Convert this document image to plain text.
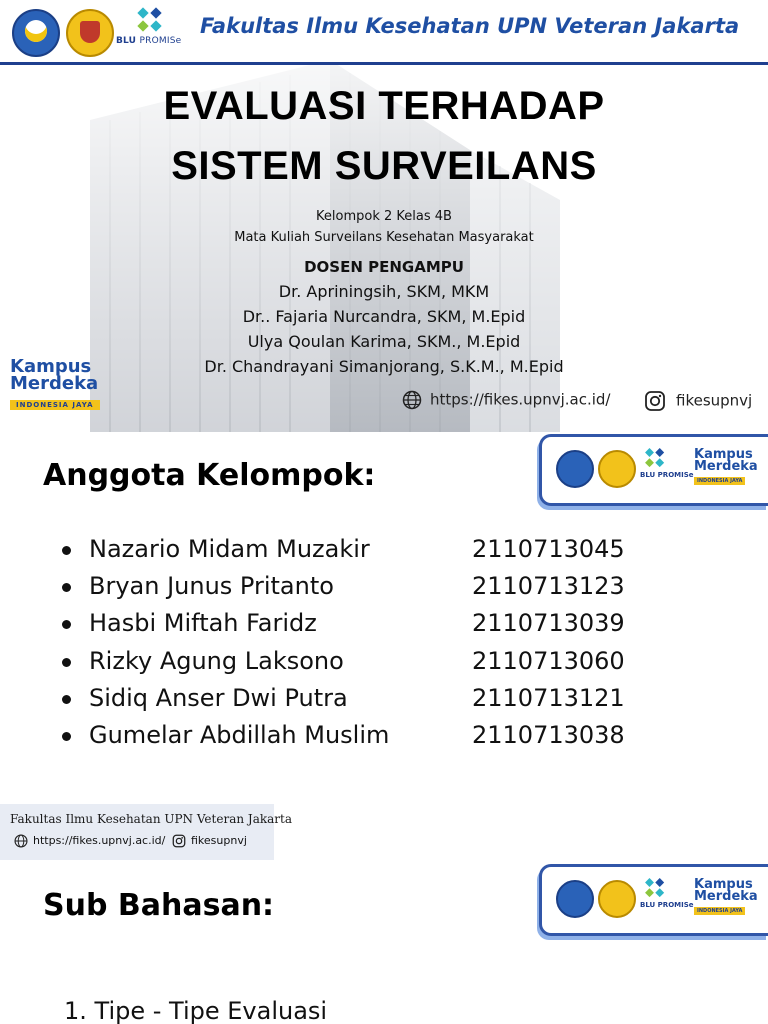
BLU PROMISe
Fakultas Ilmu Kesehatan UPN Veteran Jakarta
EVALUASI TERHADAP
SISTEM SURVEILANS
Kelompok 2 Kelas 4B
Mata Kuliah Surveilans Kesehatan Masyarakat
DOSEN PENGAMPU
Dr. Apriningsih, SKM, MKM
Dr.. Fajaria Nurcandra, SKM, M.Epid
Ulya Qoulan Karima, SKM., M.Epid
Dr. Chandrayani Simanjorang, S.K.M., M.Epid
Kampus
Merdeka
INDONESIA JAYA	https://fikes.upnvj.ac.id/	fikesupnvj
BLU PROMISe
Kampus
Merdeka
INDONESIA JAYA
Anggota Kelompok:
Nazario Midam Muzakir	2110713045
Bryan Junus Pritanto	2110713123
Hasbi Miftah Faridz	2110713039
Rizky Agung Laksono	2110713060
Sidiq Anser Dwi Putra	2110713121
Gumelar Abdillah Muslim	2110713038
Fakultas Ilmu Kesehatan UPN Veteran Jakarta
https://fikes.upnvj.ac.id/	fikesupnvj
BLU PROMISe
Kampus
Merdeka
INDONESIA JAYA
Sub Bahasan:
1. Tipe - Tipe Evaluasi
